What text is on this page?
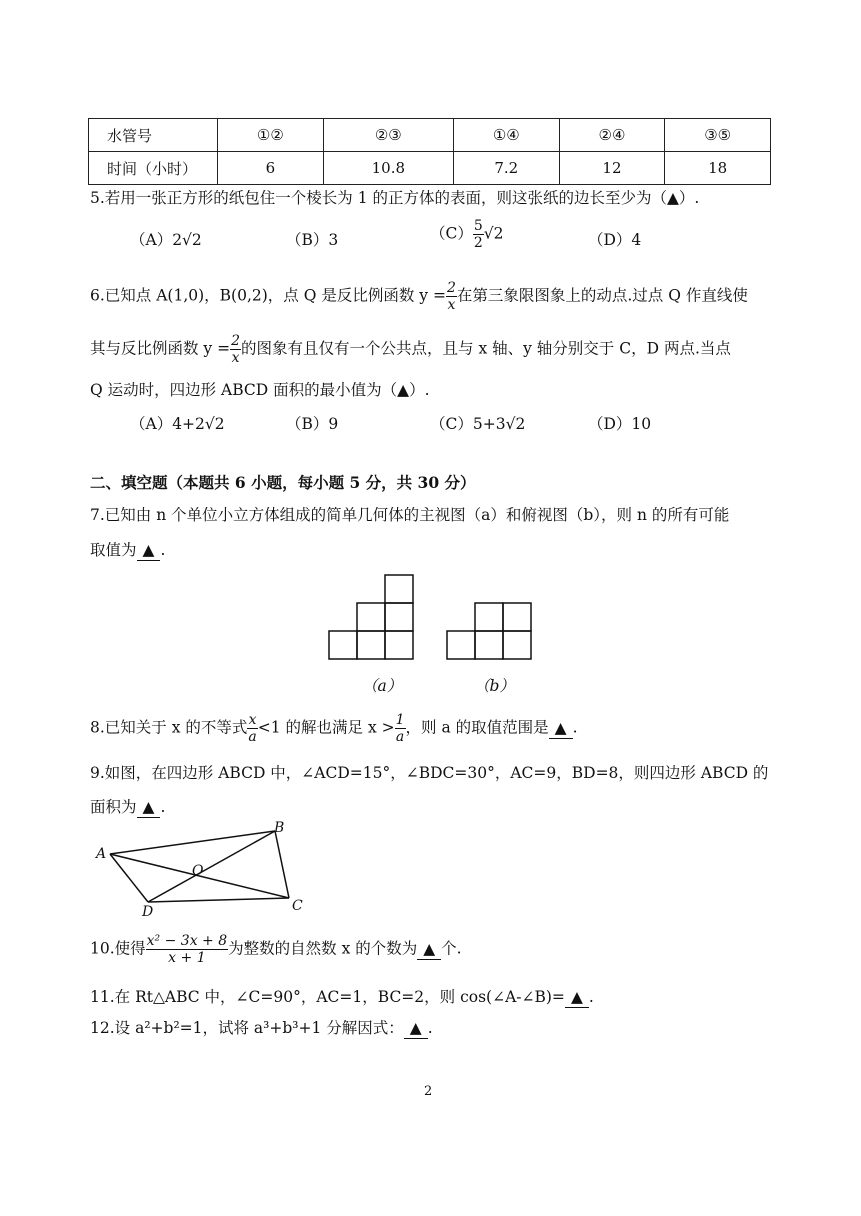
水管号	①②	②③	①④	②④	③⑤
时间（小时）	6	10.8	7.2	12	18
5.若用一张正方形的纸包住一个棱长为 1 的正方体的表面，则这张纸的边长至少为（▲）.
（A）2√2	（B）3	$(C) \frac{5}{2} √2$	（D）4
6.已知点 A(1,0)，B(0,2)，点 Q 是反比例函数 $y = \frac{2}{x}$ 在第三象限图象上的动点.过点 Q 作直线使
其与反比例函数 $y = \frac{2}{x}$ 的图象有且仅有一个公共点，且与 x 轴、y 轴分别交于 C，D 两点.当点
Q 运动时，四边形 ABCD 面积的最小值为（▲）.
（A）4+2√2	（B）9	（C）5+3√2	（D）10
二、填空题（本题共 6 小题，每小题 5 分，共 30 分）
7.已知由 n 个单位小立方体组成的简单几何体的主视图（a）和俯视图（b），则 n 的所有可能
取值为 ▲ .
（a）	（b）
8.已知关于 x 的不等式 $\frac{x}{a} <1$ 的解也满足 $x > \frac{1}{a}$ ，则 a 的取值范围是 ▲ .
9.如图，在四边形 ABCD 中，∠ACD=15°，∠BDC=30°，AC=9，BD=8，则四边形 ABCD 的
面积为 ▲ .
A
B
C
D
O
10.使得 $\frac{\text{x² − 3x + 8}}{x + 1}$ 为整数的自然数 x 的个数为 ▲ 个.
11.在 Rt△ABC 中，∠C=90°，AC=1，BC=2，则 cos(∠A-∠B)= ▲ .
12.设 a²+b²=1，试将 a³+b³+1 分解因式： ▲ .
2
